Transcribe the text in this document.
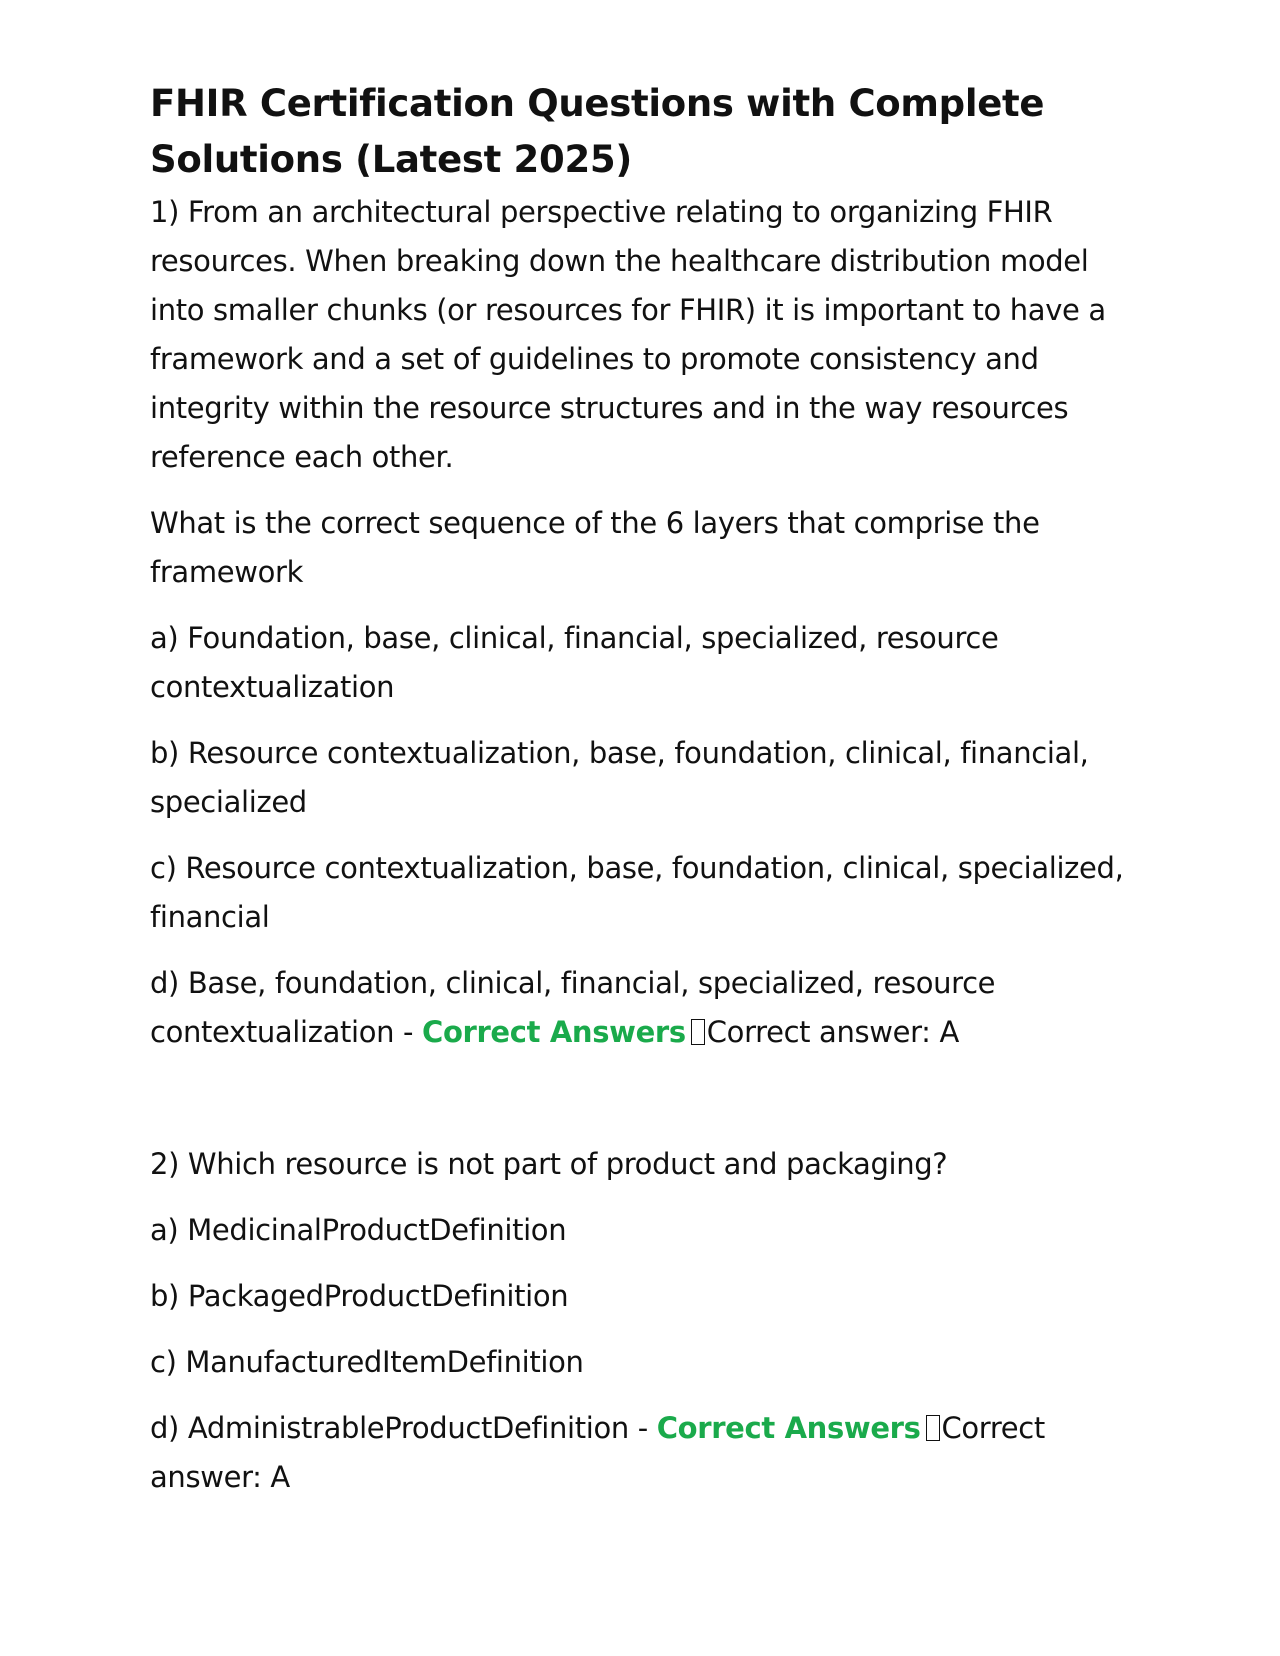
FHIR Certification Questions with Complete Solutions (Latest 2025)

1) From an architectural perspective relating to organizing FHIR resources. When breaking down the healthcare distribution model into smaller chunks (or resources for FHIR) it is important to have a framework and a set of guidelines to promote consistency and integrity within the resource structures and in the way resources reference each other.

What is the correct sequence of the 6 layers that comprise the framework

a) Foundation, base, clinical, financial, specialized, resource contextualization

b) Resource contextualization, base, foundation, clinical, financial, specialized

c) Resource contextualization, base, foundation, clinical, specialized, financial

d) Base, foundation, clinical, financial, specialized, resource contextualization - Correct Answers Correct answer: A

2) Which resource is not part of product and packaging?

a) MedicinalProductDefinition

b) PackagedProductDefinition

c) ManufacturedItemDefinition

d) AdministrableProductDefinition - Correct Answers Correct answer: A
